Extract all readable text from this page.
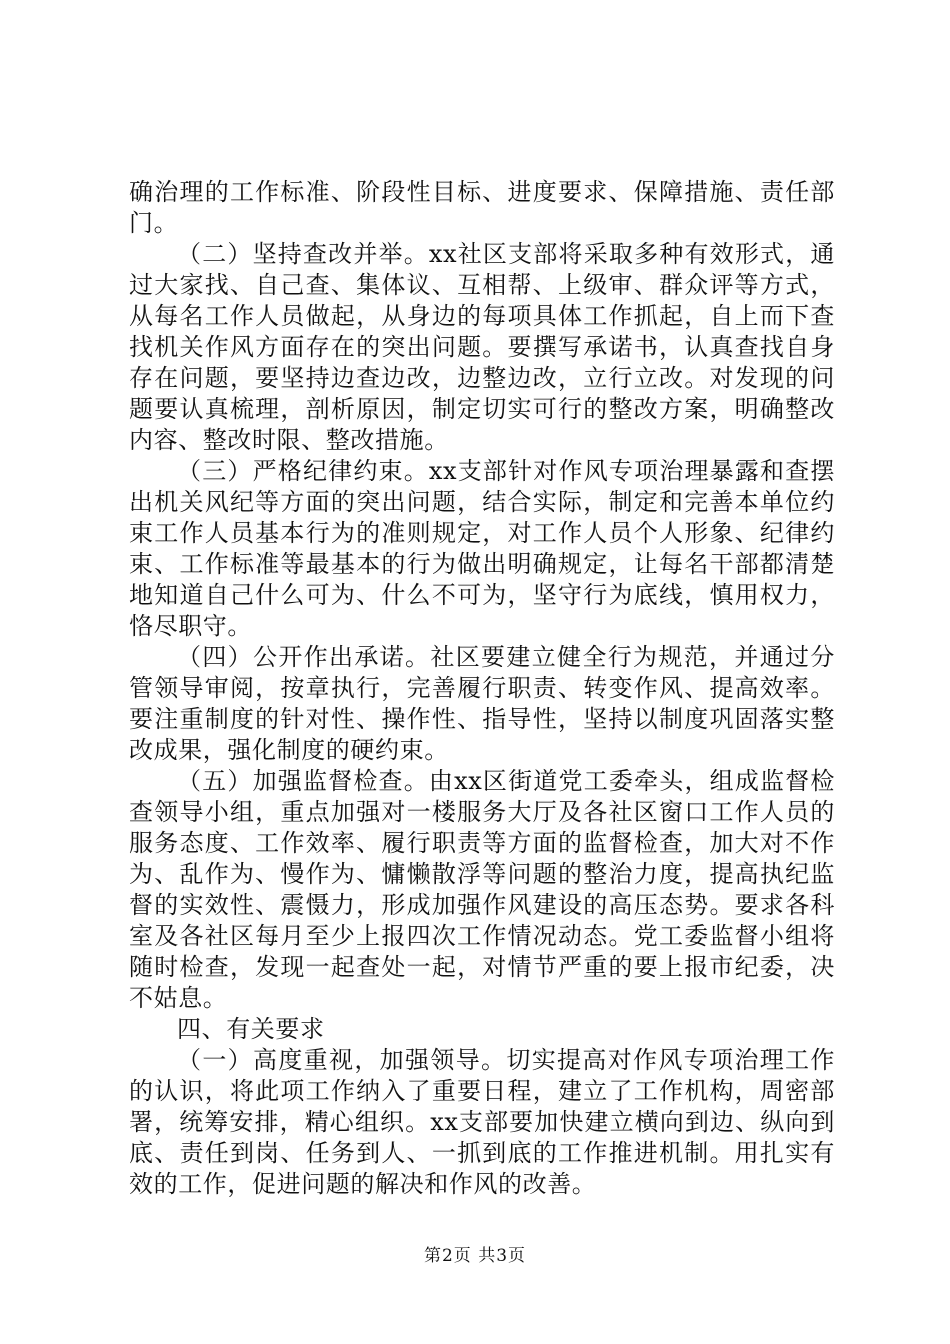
确治理的工作标准、阶段性目标、进度要求、保障措施、责任部门。

（二）坚持查改并举。xx社区支部将采取多种有效形式，通过大家找、自己查、集体议、互相帮、上级审、群众评等方式，从每名工作人员做起，从身边的每项具体工作抓起，自上而下查找机关作风方面存在的突出问题。要撰写承诺书，认真查找自身存在问题，要坚持边查边改，边整边改，立行立改。对发现的问题要认真梳理，剖析原因，制定切实可行的整改方案，明确整改内容、整改时限、整改措施。

（三）严格纪律约束。xx支部针对作风专项治理暴露和查摆出机关风纪等方面的突出问题，结合实际，制定和完善本单位约束工作人员基本行为的准则规定，对工作人员个人形象、纪律约束、工作标准等最基本的行为做出明确规定，让每名干部都清楚地知道自己什么可为、什么不可为，坚守行为底线，慎用权力，恪尽职守。

（四）公开作出承诺。社区要建立健全行为规范，并通过分管领导审阅，按章执行，完善履行职责、转变作风、提高效率。要注重制度的针对性、操作性、指导性，坚持以制度巩固落实整改成果，强化制度的硬约束。

（五）加强监督检查。由xx区街道党工委牵头，组成监督检查领导小组，重点加强对一楼服务大厅及各社区窗口工作人员的服务态度、工作效率、履行职责等方面的监督检查，加大对不作为、乱作为、慢作为、慵懒散浮等问题的整治力度，提高执纪监督的实效性、震慑力，形成加强作风建设的高压态势。要求各科室及各社区每月至少上报四次工作情况动态。党工委监督小组将随时检查，发现一起查处一起，对情节严重的要上报市纪委，决不姑息。

四、有关要求

（一）高度重视，加强领导。切实提高对作风专项治理工作的认识，将此项工作纳入了重要日程，建立了工作机构，周密部署，统筹安排，精心组织。xx支部要加快建立横向到边、纵向到底、责任到岗、任务到人、一抓到底的工作推进机制。用扎实有效的工作，促进问题的解决和作风的改善。

第2页 共3页
